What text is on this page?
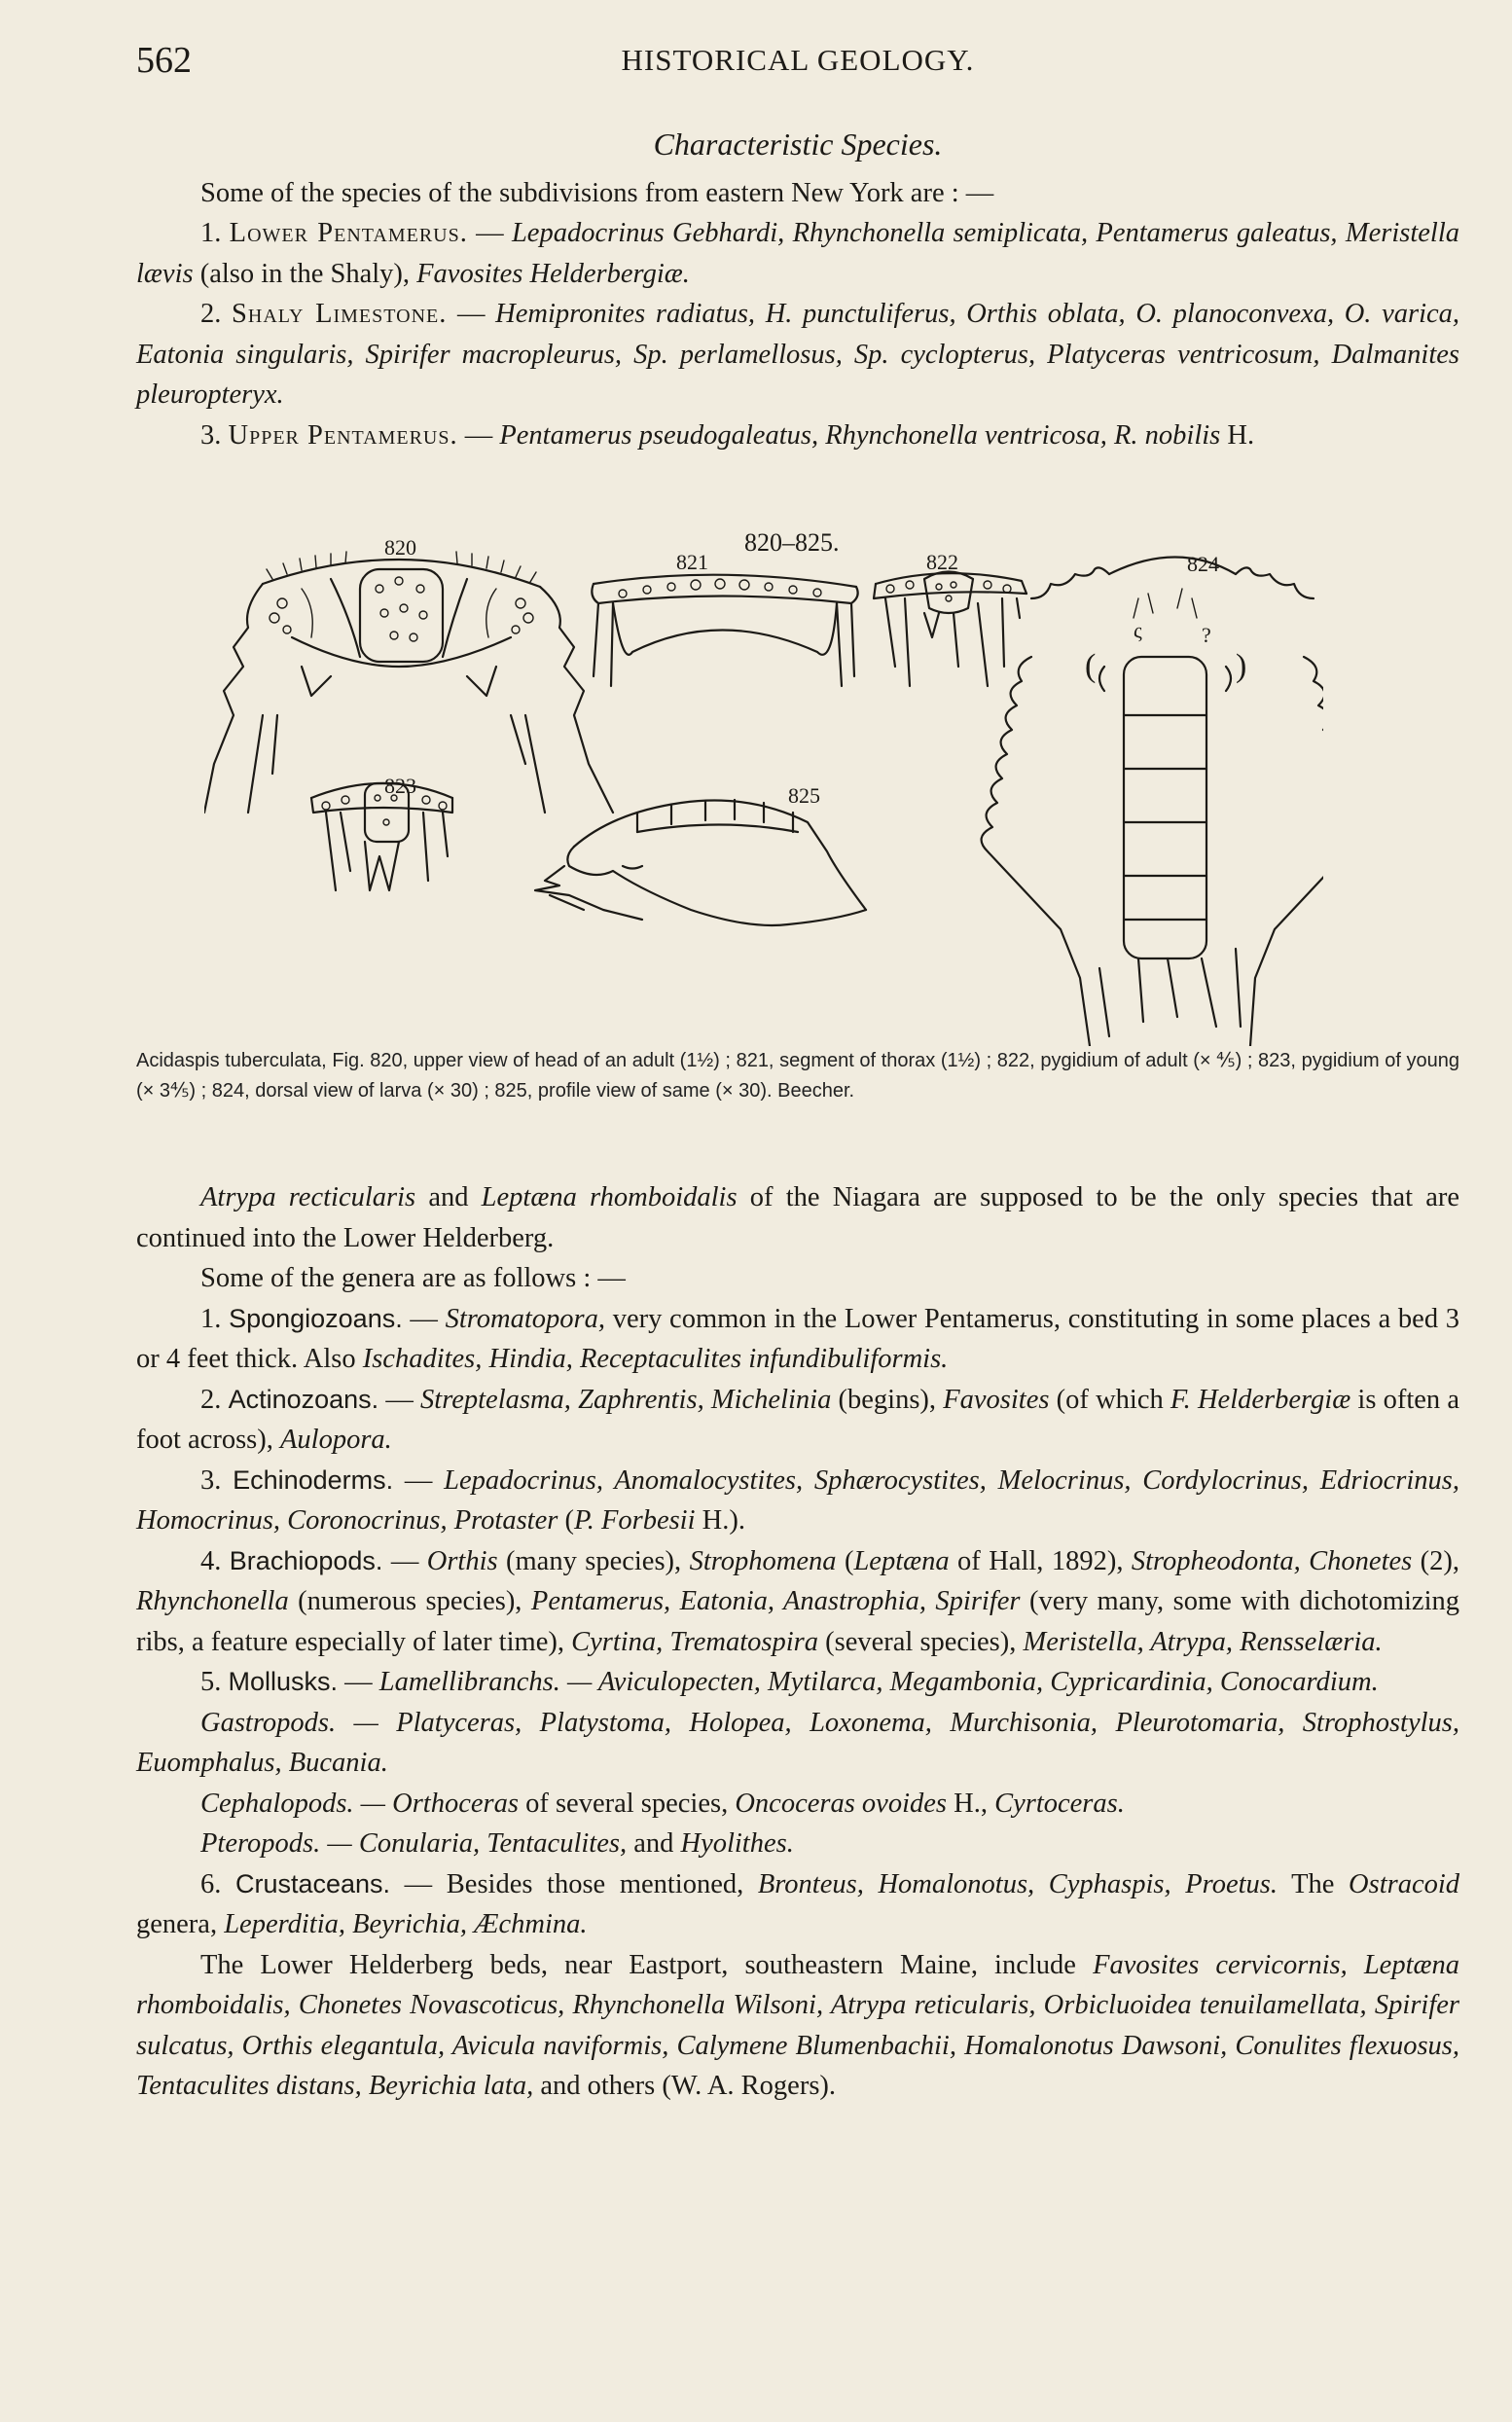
562	HISTORICAL GEOLOGY.

Characteristic Species.

Some of the species of the subdivisions from eastern New York are : —

1. Lower Pentamerus. — Lepadocrinus Gebhardi, Rhynchonella semiplicata, Pentamerus galeatus, Meristella lævis (also in the Shaly), Favosites Helderbergiæ.

2. Shaly Limestone. — Hemipronites radiatus, H. punctuliferus, Orthis oblata, O. planoconvexa, O. varica, Eatonia singularis, Spirifer macropleurus, Sp. perlamellosus, Sp. cyclopterus, Platyceras ventricosum, Dalmanites pleuropteryx.

3. Upper Pentamerus. — Pentamerus pseudogaleatus, Rhynchonella ventricosa, R. nobilis H.

ς	?
(	)
820
821
820–825.
822	824
823	825
Acidaspis tuberculata, Fig. 820, upper view of head of an adult (1½) ; 821, segment of thorax (1½) ; 822, pygidium of adult (× ⅘) ; 823, pygidium of young (× 3⅘) ; 824, dorsal view of larva (× 30) ; 825, profile view of same (× 30). Beecher.

Atrypa recticularis and Leptæna rhomboidalis of the Niagara are supposed to be the only species that are continued into the Lower Helderberg.

Some of the genera are as follows : —

1. Spongiozoans. — Stromatopora, very common in the Lower Pentamerus, constituting in some places a bed 3 or 4 feet thick. Also Ischadites, Hindia, Receptaculites infundibuliformis.

2. Actinozoans. — Streptelasma, Zaphrentis, Michelinia (begins), Favosites (of which F. Helderbergiæ is often a foot across), Aulopora.

3. Echinoderms. — Lepadocrinus, Anomalocystites, Sphærocystites, Melocrinus, Cordylocrinus, Edriocrinus, Homocrinus, Coronocrinus, Protaster (P. Forbesii H.).

4. Brachiopods. — Orthis (many species), Strophomena (Leptæna of Hall, 1892), Stropheodonta, Chonetes (2), Rhynchonella (numerous species), Pentamerus, Eatonia, Anastrophia, Spirifer (very many, some with dichotomizing ribs, a feature especially of later time), Cyrtina, Trematospira (several species), Meristella, Atrypa, Rensselæria.

5. Mollusks. — Lamellibranchs. — Aviculopecten, Mytilarca, Megambonia, Cypricardinia, Conocardium.

Gastropods. — Platyceras, Platystoma, Holopea, Loxonema, Murchisonia, Pleurotomaria, Strophostylus, Euomphalus, Bucania.

Cephalopods. — Orthoceras of several species, Oncoceras ovoides H., Cyrtoceras.

Pteropods. — Conularia, Tentaculites, and Hyolithes.

6. Crustaceans. — Besides those mentioned, Bronteus, Homalonotus, Cyphaspis, Proetus. The Ostracoid genera, Leperditia, Beyrichia, Æchmina.

The Lower Helderberg beds, near Eastport, southeastern Maine, include Favosites cervicornis, Leptæna rhomboidalis, Chonetes Novascoticus, Rhynchonella Wilsoni, Atrypa reticularis, Orbicluoidea tenuilamellata, Spirifer sulcatus, Orthis elegantula, Avicula naviformis, Calymene Blumenbachii, Homalonotus Dawsoni, Conulites flexuosus, Tentaculites distans, Beyrichia lata, and others (W. A. Rogers).
